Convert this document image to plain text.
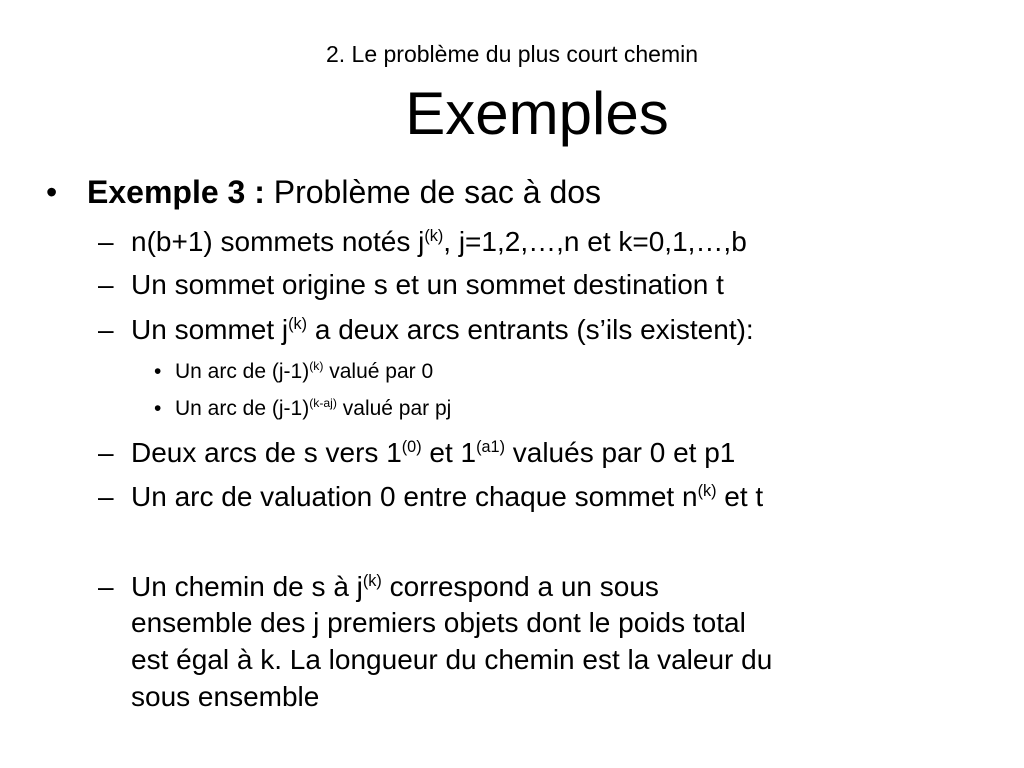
2. Le problème du plus court chemin
Exemples
• Exemple 3 : Problème de sac à dos
– n(b+1) sommets notés $j^{(k)}$, j=1,2,…,n et k=0,1,…,b
– Un sommet origine s et un sommet destination t
– Un sommet $j^{(k)}$ a deux arcs entrants (s’ils existent):
• Un arc de $(j-1)^{(k)}$ valué par 0
• Un arc de $(j-1)^{(k-aj)}$ valué par pj
– Deux arcs de s vers 1$^{(0)}$ et $1^{(a1)}$ valués par 0 et p1
– Un arc de valuation 0 entre chaque sommet $n^{(k)}$ et t
– Un chemin de s à $j^{(k)}$ correspond a un sous
ensemble des j premiers objets dont le poids total
est égal à k. La longueur du chemin est la valeur du
sous ensemble
